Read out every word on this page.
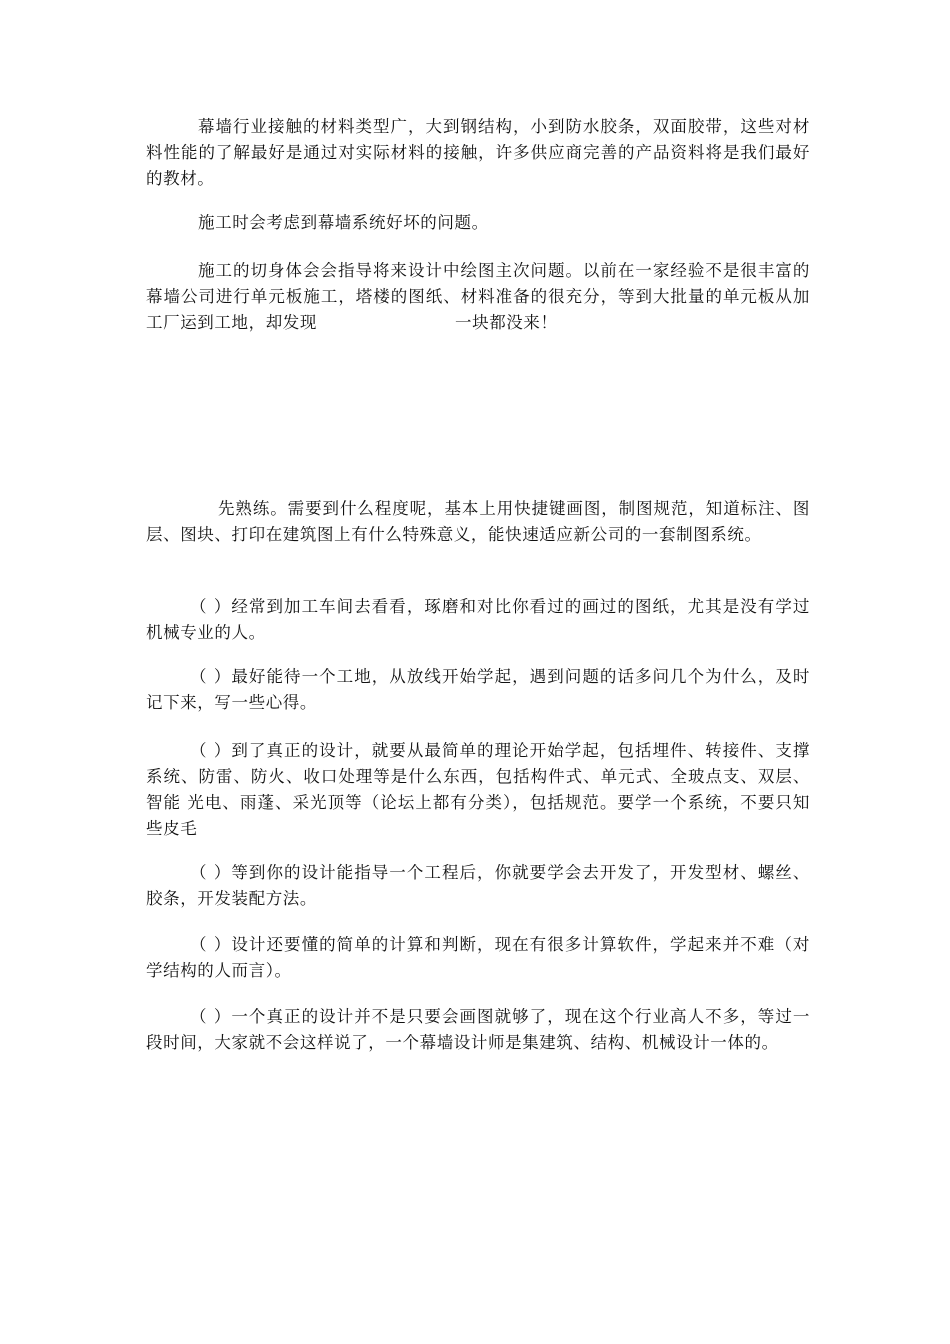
幕墙行业接触的材料类型广，大到钢结构，小到防水胶条，双面胶带，这些对材料性能的了解最好是通过对实际材料的接触，许多供应商完善的产品资料将是我们最好的教材。

施工时会考虑到幕墙系统好坏的问题。

施工的切身体会会指导将来设计中绘图主次问题。以前在一家经验不是很丰富的幕墙公司进行单元板施工，塔楼的图纸、材料准备的很充分，等到大批量的单元板从加工厂运到工地，却发现	一块都没来！

先熟练。需要到什么程度呢，基本上用快捷键画图，制图规范，知道标注、图层、图块、打印在建筑图上有什么特殊意义，能快速适应新公司的一套制图系统。

（ ）经常到加工车间去看看，琢磨和对比你看过的画过的图纸，尤其是没有学过机械专业的人。

（ ）最好能待一个工地，从放线开始学起，遇到问题的话多问几个为什么，及时记下来，写一些心得。

（ ）到了真正的设计，就要从最简单的理论开始学起，包括埋件、转接件、支撑系统、防雷、防火、收口处理等是什么东西，包括构件式、单元式、全玻点支、双层、智能 光电、雨蓬、采光顶等（论坛上都有分类），包括规范。要学一个系统，不要只知些皮毛

（ ）等到你的设计能指导一个工程后，你就要学会去开发了，开发型材、螺丝、胶条，开发装配方法。

（ ）设计还要懂的简单的计算和判断，现在有很多计算软件，学起来并不难（对学结构的人而言）。

（ ）一个真正的设计并不是只要会画图就够了，现在这个行业高人不多，等过一段时间，大家就不会这样说了，一个幕墙设计师是集建筑、结构、机械设计一体的。
